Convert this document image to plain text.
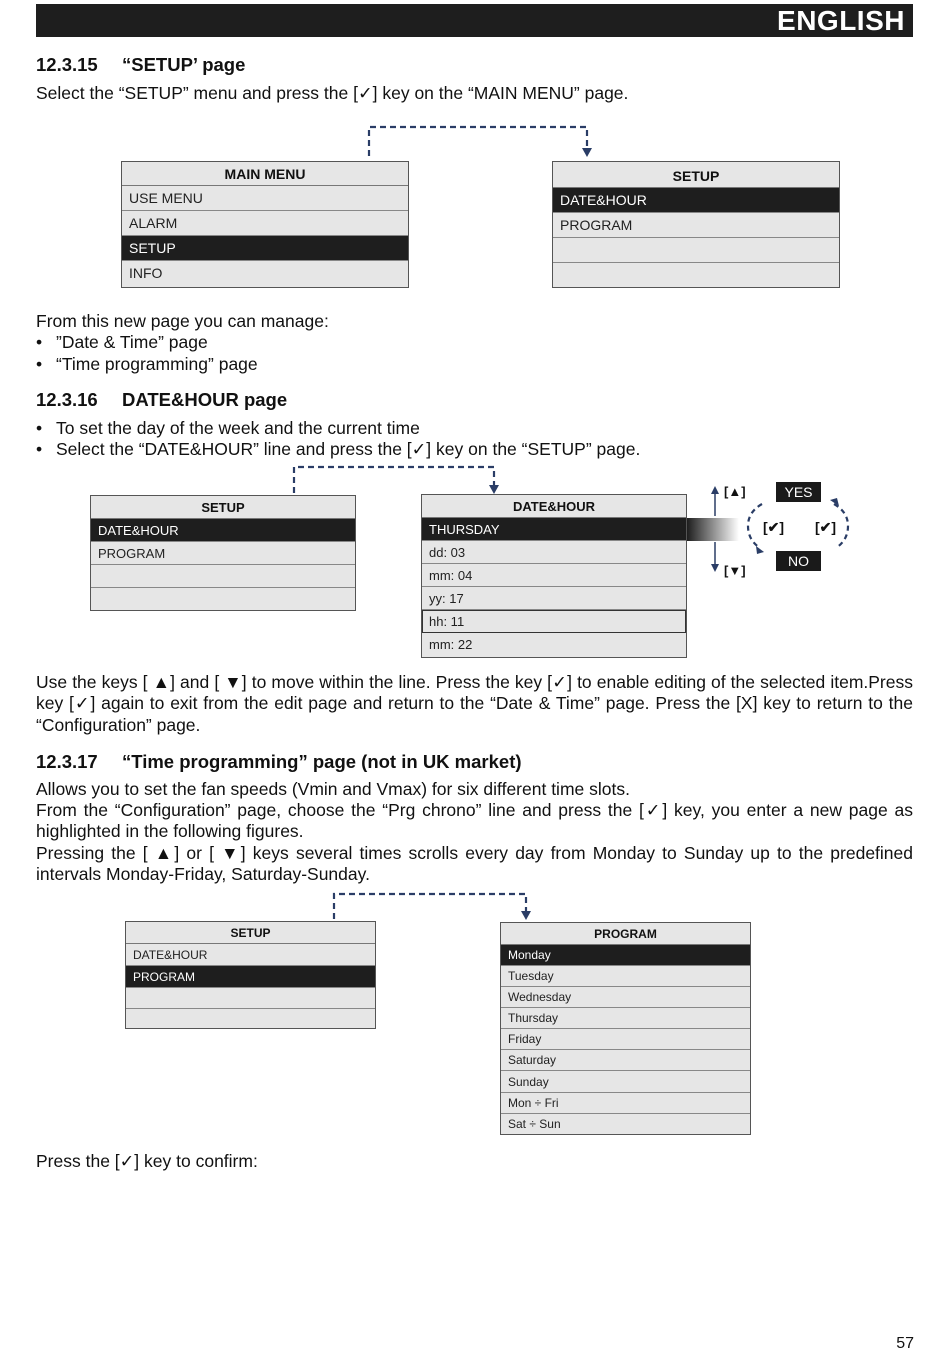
ENGLISH
12.3.15 “SETUP’ page
Select the “SETUP” menu and press the [✓] key on the “MAIN MENU” page.
MAIN MENU
USE MENU
ALARM
SETUP
INFO
SETUP
DATE&HOUR
PROGRAM
From this new page you can manage:
• ”Date & Time” page
• “Time programming” page
12.3.16 DATE&HOUR page
• To set the day of the week and the current time
• Select the “DATE&HOUR” line and press the [✓] key on the “SETUP” page.
SETUP
DATE&HOUR
PROGRAM
DATE&HOUR
THURSDAY
dd: 03
mm: 04
yy: 17
hh: 11
mm: 22
[▲]
[▼]
YES
NO
[✔] [✔]
Use the keys [ ▲] and [ ▼] to move within the line. Press the key [✓] to enable editing of the selected item.Press key [✓] again to exit from the edit page and return to the “Date & Time” page. Press the [X] key to return to the “Configuration” page.
12.3.17 “Time programming” page (not in UK market)
Allows you to set the fan speeds (Vmin and Vmax) for six different time slots.
From the “Configuration” page, choose the “Prg chrono” line and press the [✓] key, you enter a new page as highlighted in the following figures.
Pressing the [ ▲] or [ ▼] keys several times scrolls every day from Monday to Sunday up to the predefined intervals Monday-Friday, Saturday-Sunday.
SETUP
DATE&HOUR
PROGRAM
PROGRAM
Monday
Tuesday
Wednesday
Thursday
Friday
Saturday
Sunday
Mon ÷ Fri
Sat ÷ Sun
Press the [✓] key to confirm:
57
